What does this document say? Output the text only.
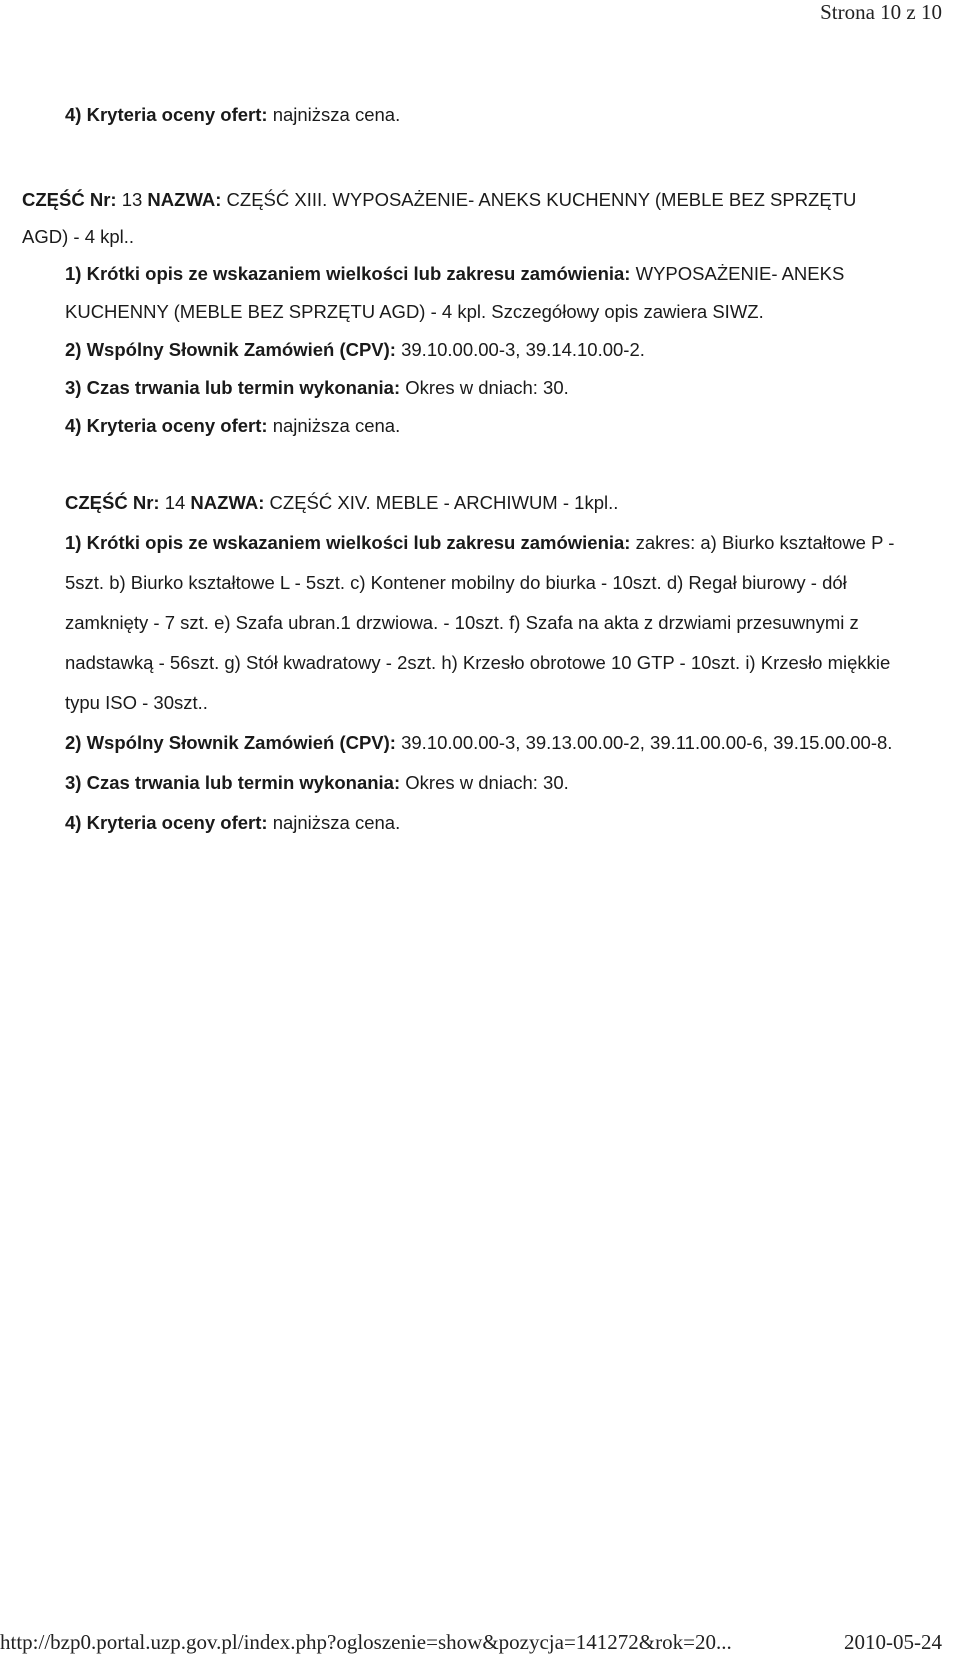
Strona 10 z 10
4) Kryteria oceny ofert: najniższa cena.
CZĘŚĆ Nr: 13 NAZWA: CZĘŚĆ XIII. WYPOSAŻENIE- ANEKS KUCHENNY (MEBLE BEZ SPRZĘTU
AGD) - 4 kpl..
1) Krótki opis ze wskazaniem wielkości lub zakresu zamówienia: WYPOSAŻENIE- ANEKS
KUCHENNY (MEBLE BEZ SPRZĘTU AGD) - 4 kpl. Szczegółowy opis zawiera SIWZ.
2) Wspólny Słownik Zamówień (CPV): 39.10.00.00-3, 39.14.10.00-2.
3) Czas trwania lub termin wykonania: Okres w dniach: 30.
4) Kryteria oceny ofert: najniższa cena.
CZĘŚĆ Nr: 14 NAZWA: CZĘŚĆ XIV. MEBLE - ARCHIWUM - 1kpl..
1) Krótki opis ze wskazaniem wielkości lub zakresu zamówienia: zakres: a) Biurko kształtowe P -
5szt. b) Biurko kształtowe L - 5szt. c) Kontener mobilny do biurka - 10szt. d) Regał biurowy - dół
zamknięty - 7 szt. e) Szafa ubran.1 drzwiowa. - 10szt. f) Szafa na akta z drzwiami przesuwnymi z
nadstawką - 56szt. g) Stół kwadratowy - 2szt. h) Krzesło obrotowe 10 GTP - 10szt. i) Krzesło miękkie
typu ISO - 30szt..
2) Wspólny Słownik Zamówień (CPV): 39.10.00.00-3, 39.13.00.00-2, 39.11.00.00-6, 39.15.00.00-8.
3) Czas trwania lub termin wykonania: Okres w dniach: 30.
4) Kryteria oceny ofert: najniższa cena.
http://bzp0.portal.uzp.gov.pl/index.php?ogloszenie=show&pozycja=141272&rok=20...	2010-05-24
